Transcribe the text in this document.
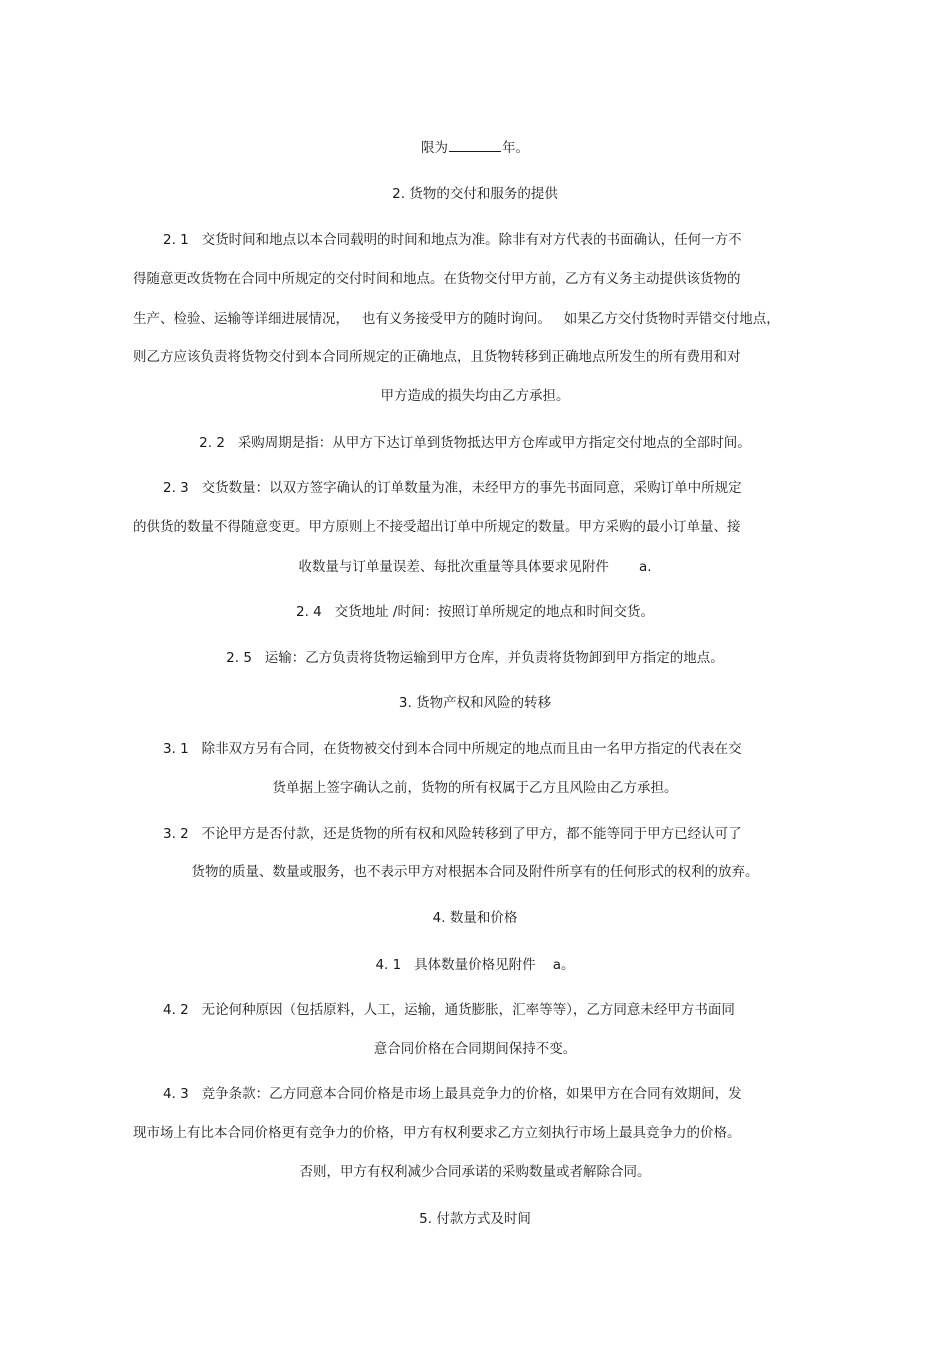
限为	年。
2. 货物的交付和服务的提供
2. 1   交货时间和地点以本合同载明的时间和地点为准。除非有对方代表的书面确认，任何一方不
得随意更改货物在合同中所规定的交付时间和地点。在货物交付甲方前，乙方有义务主动提供该货物的
生产、检验、运输等详细进展情况，   也有义务接受甲方的随时询问。   如果乙方交付货物时弄错交付地点，
则乙方应该负责将货物交付到本合同所规定的正确地点，且货物转移到正确地点所发生的所有费用和对
甲方造成的损失均由乙方承担。
2. 2   采购周期是指：从甲方下达订单到货物抵达甲方仓库或甲方指定交付地点的全部时间。
2. 3   交货数量：以双方签字确认的订单数量为准，未经甲方的事先书面同意，采购订单中所规定
的供货的数量不得随意变更。甲方原则上不接受超出订单中所规定的数量。甲方采购的最小订单量、接
收数量与订单量误差、每批次重量等具体要求见附件       a.
2. 4   交货地址 /时间：按照订单所规定的地点和时间交货。
2. 5   运输：乙方负责将货物运输到甲方仓库，并负责将货物卸到甲方指定的地点。
3. 货物产权和风险的转移
3. 1   除非双方另有合同，在货物被交付到本合同中所规定的地点而且由一名甲方指定的代表在交
货单据上签字确认之前，货物的所有权属于乙方且风险由乙方承担。
3. 2   不论甲方是否付款，还是货物的所有权和风险转移到了甲方，都不能等同于甲方已经认可了
货物的质量、数量或服务，也不表示甲方对根据本合同及附件所享有的任何形式的权利的放弃。
4. 数量和价格
4. 1   具体数量价格见附件    a。
4. 2   无论何种原因（包括原料，人工，运输，通货膨胀，汇率等等），乙方同意未经甲方书面同
意合同价格在合同期间保持不变。
4. 3   竞争条款：乙方同意本合同价格是市场上最具竞争力的价格，如果甲方在合同有效期间，发
现市场上有比本合同价格更有竞争力的价格，甲方有权利要求乙方立刻执行市场上最具竞争力的价格。
否则，甲方有权利减少合同承诺的采购数量或者解除合同。
5. 付款方式及时间
